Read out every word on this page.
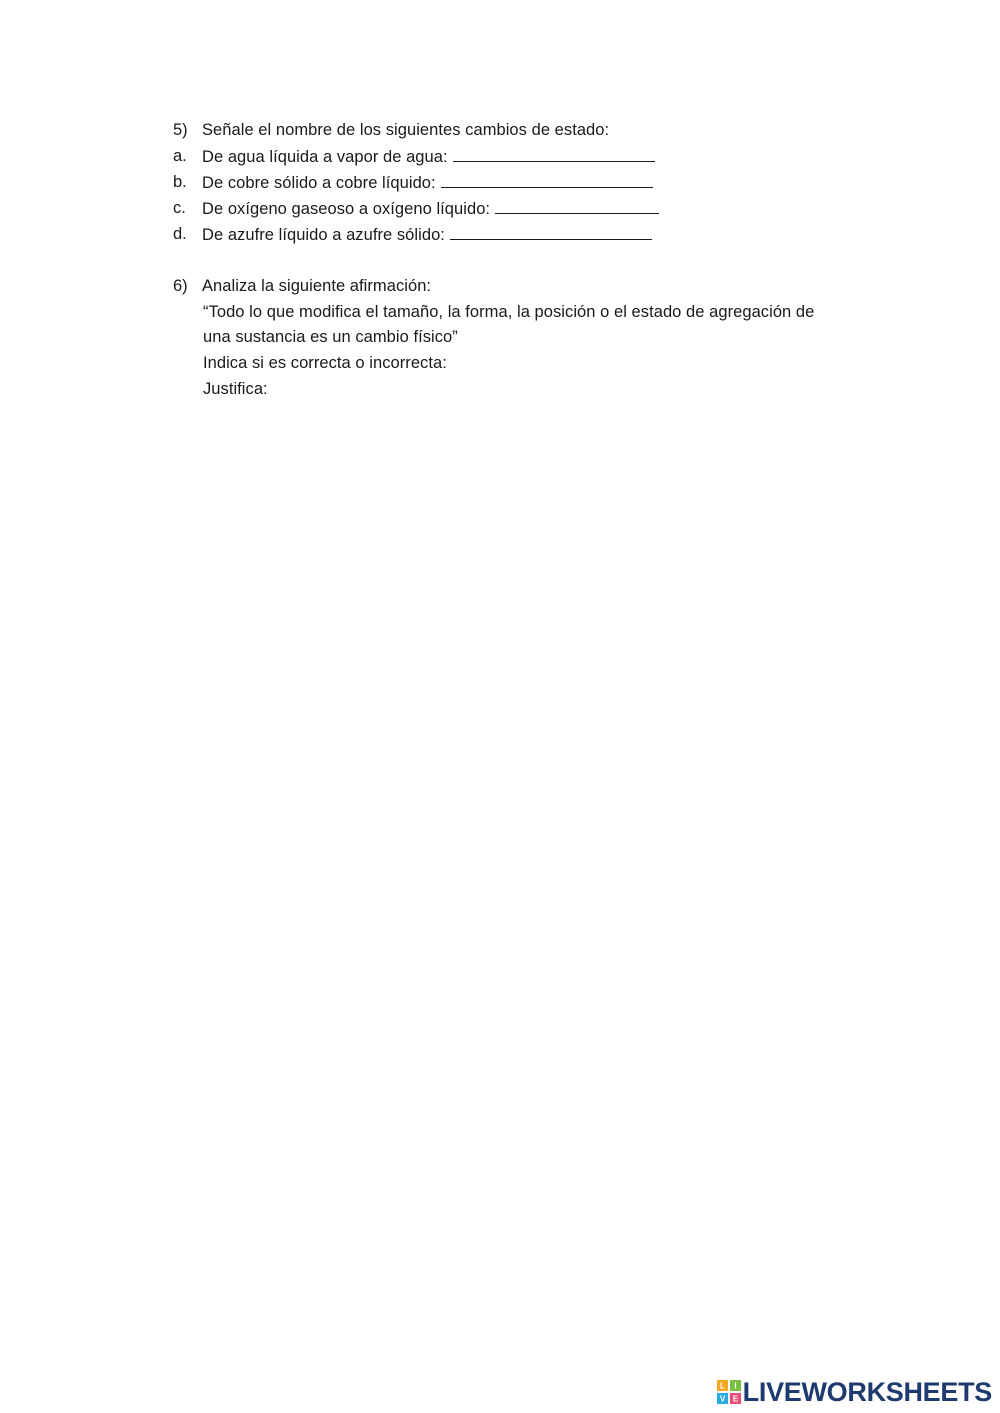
5) Señale el nombre de los siguientes cambios de estado:
a. De agua líquida a vapor de agua:
b. De cobre sólido a cobre líquido:
c. De oxígeno gaseoso a oxígeno líquido:
d. De azufre líquido a azufre sólido:
6) Analiza la siguiente afirmación:
“Todo lo que modifica el tamaño, la forma, la posición o el estado de agregación de
una sustancia es un cambio físico”
Indica si es correcta o incorrecta:
Justifica:
L I
V E LIVEWORKSHEETS
